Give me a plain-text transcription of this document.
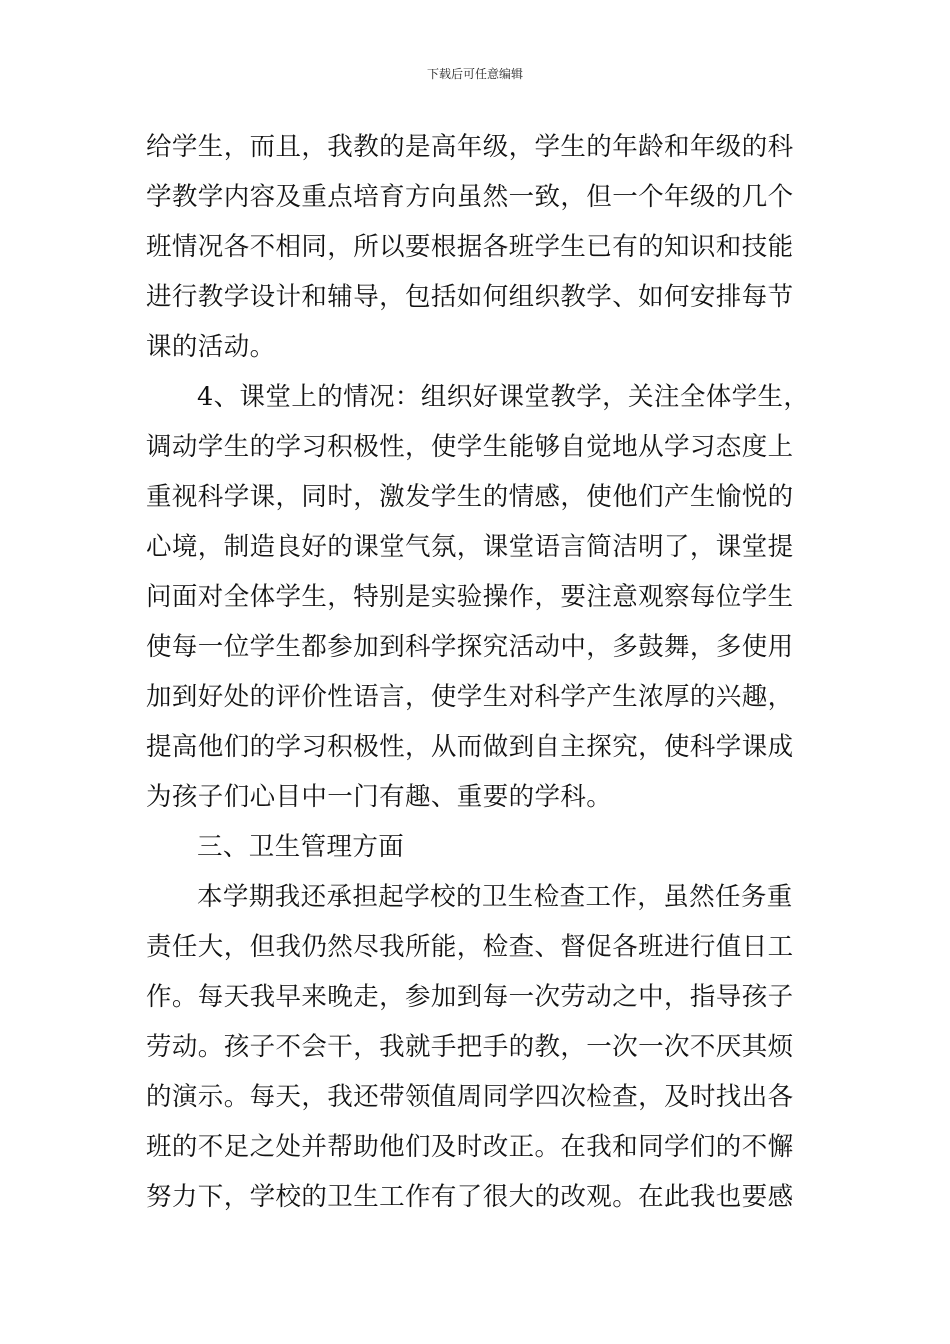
下载后可任意编辑
给学生，而且，我教的是高年级，学生的年龄和年级的科
学教学内容及重点培育方向虽然一致，但一个年级的几个
班情况各不相同，所以要根据各班学生已有的知识和技能
进行教学设计和辅导，包括如何组织教学、如何安排每节
课的活动。
4、课堂上的情况：组织好课堂教学，关注全体学生，
调动学生的学习积极性，使学生能够自觉地从学习态度上
重视科学课，同时，激发学生的情感，使他们产生愉悦的
心境，制造良好的课堂气氛，课堂语言简洁明了，课堂提
问面对全体学生，特别是实验操作，要注意观察每位学生
使每一位学生都参加到科学探究活动中，多鼓舞，多使用
加到好处的评价性语言，使学生对科学产生浓厚的兴趣，
提高他们的学习积极性，从而做到自主探究，使科学课成
为孩子们心目中一门有趣、重要的学科。
三、卫生管理方面
本学期我还承担起学校的卫生检查工作，虽然任务重
责任大，但我仍然尽我所能，检查、督促各班进行值日工
作。每天我早来晚走，参加到每一次劳动之中，指导孩子
劳动。孩子不会干，我就手把手的教，一次一次不厌其烦
的演示。每天，我还带领值周同学四次检查，及时找出各
班的不足之处并帮助他们及时改正。在我和同学们的不懈
努力下，学校的卫生工作有了很大的改观。在此我也要感
